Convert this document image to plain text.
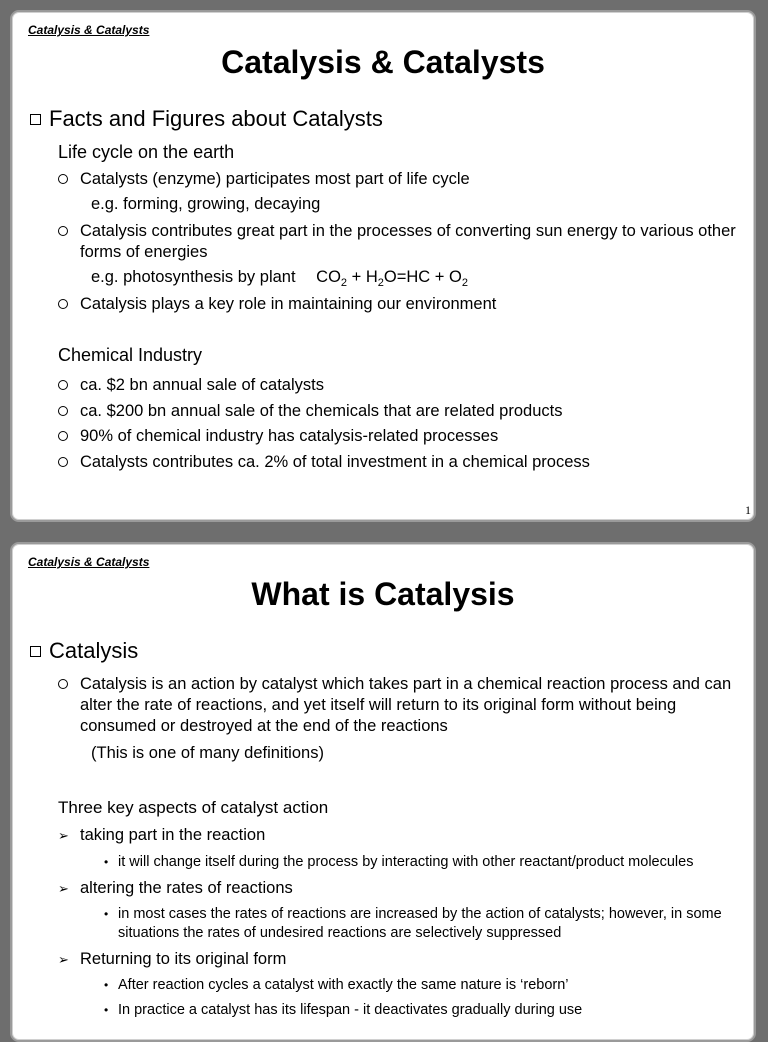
Catalysis & Catalysts
Catalysis & Catalysts
Facts and Figures about Catalysts
Life cycle on the earth
Catalysts (enzyme) participates most part of life cycle
e.g. forming, growing, decaying
Catalysis contributes great part in the processes of converting sun energy to various other forms of energies
e.g. photosynthesis by plant $CO_2 + H_2O=HC + O_2$
Catalysis plays a key role in maintaining our environment
Chemical Industry
ca. $2 bn annual sale of catalysts
ca. $200 bn annual sale of the chemicals that are related products
90% of chemical industry has catalysis-related processes
Catalysts contributes ca. 2% of total investment in a chemical process
1
Catalysis & Catalysts
What is Catalysis
Catalysis
Catalysis is an action by catalyst which takes part in a chemical reaction process and can alter the rate of reactions, and yet itself will return to its original form without being consumed or destroyed at the end of the reactions
(This is one of many definitions)
Three key aspects of catalyst action
➢ taking part in the reaction
• it will change itself during the process by interacting with other reactant/product molecules
➢ altering the rates of reactions
• in most cases the rates of reactions are increased by the action of catalysts; however, in some situations the rates of undesired reactions are selectively suppressed
➢ Returning to its original form
• After reaction cycles a catalyst with exactly the same nature is ‘reborn’
• In practice a catalyst has its lifespan - it deactivates gradually during use
